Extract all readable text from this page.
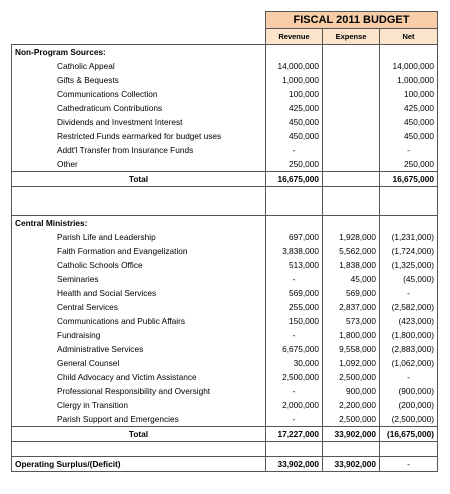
	FISCAL 2011 BUDGET		
	Revenue	Expense	Net
Non-Program Sources:			
Catholic Appeal	14,000,000		14,000,000
Gifts & Bequests	1,000,000		1,000,000
Communications Collection	100,000		100,000
Cathedraticum Contributions	425,000		425,000
Dividends and Investment Interest	450,000		450,000
Restricted Funds earmarked for budget uses	450,000		450,000
Addt'l Transfer from Insurance Funds	-		-
Other	250,000		250,000
Total	16,675,000		16,675,000

Central Ministries:			
Parish Life and Leadership	697,000	1,928,000	(1,231,000)
Faith Formation and Evangelization	3,838,000	5,562,000	(1,724,000)
Catholic Schools Office	513,000	1,838,000	(1,325,000)
Seminaries	-	45,000	(45,000)
Health and Social Services	569,000	569,000	-
Central Services	255,000	2,837,000	(2,582,000)
Communications and Public Affairs	150,000	573,000	(423,000)
Fundraising	-	1,800,000	(1,800,000)
Administrative Services	6,675,000	9,558,000	(2,883,000)
General Counsel	30,000	1,092,000	(1,062,000)
Child Advocacy and Victim Assistance	2,500,000	2,500,000	-
Professional Responsibility and Oversight	-	900,000	(900,000)
Clergy in Transition	2,000,000	2,200,000	(200,000)
Parish Support and Emergencies	-	2,500,000	(2,500,000)
Total	17,227,000	33,902,000	(16,675,000)

Operating Surplus/(Deficit)	33,902,000	33,902,000	-
